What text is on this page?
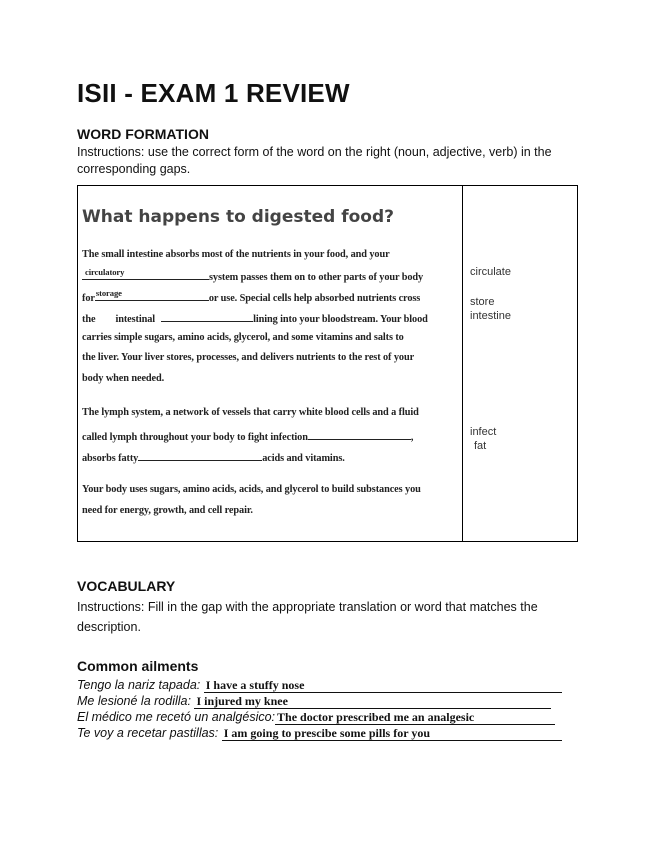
ISII - EXAM 1 REVIEW
WORD FORMATION
Instructions: use the correct form of the word on the right (noun, adjective, verb) in the
corresponding gaps.
What happens to digested food?
The small intestine absorbs most of the nutrients in your food, and your
circulatory	system passes them on to other parts of your body
for storage	or use. Special cells help absorbed nutrients cross
the intestinal	lining into your bloodstream. Your blood
carries simple sugars, amino acids, glycerol, and some vitamins and salts to
the liver. Your liver stores, processes, and delivers nutrients to the rest of your
body when needed.
The lymph system, a network of vessels that carry white blood cells and a fluid
called lymph throughout your body to fight infection	,
absorbs fatty	acids and vitamins.
Your body uses sugars, amino acids, acids, and glycerol to build substances you
need for energy, growth, and cell repair.
circulate
store
intestine
infect
fat
VOCABULARY
Instructions: Fill in the gap with the appropriate translation or word that matches the
description.
Common ailments
Tengo la nariz tapada: I have a stuffy nose
Me lesioné la rodilla: I injured my knee
El médico me recetó un analgésico: The doctor prescribed me an analgesic
Te voy a recetar pastillas: I am going to prescibe some pills for you
